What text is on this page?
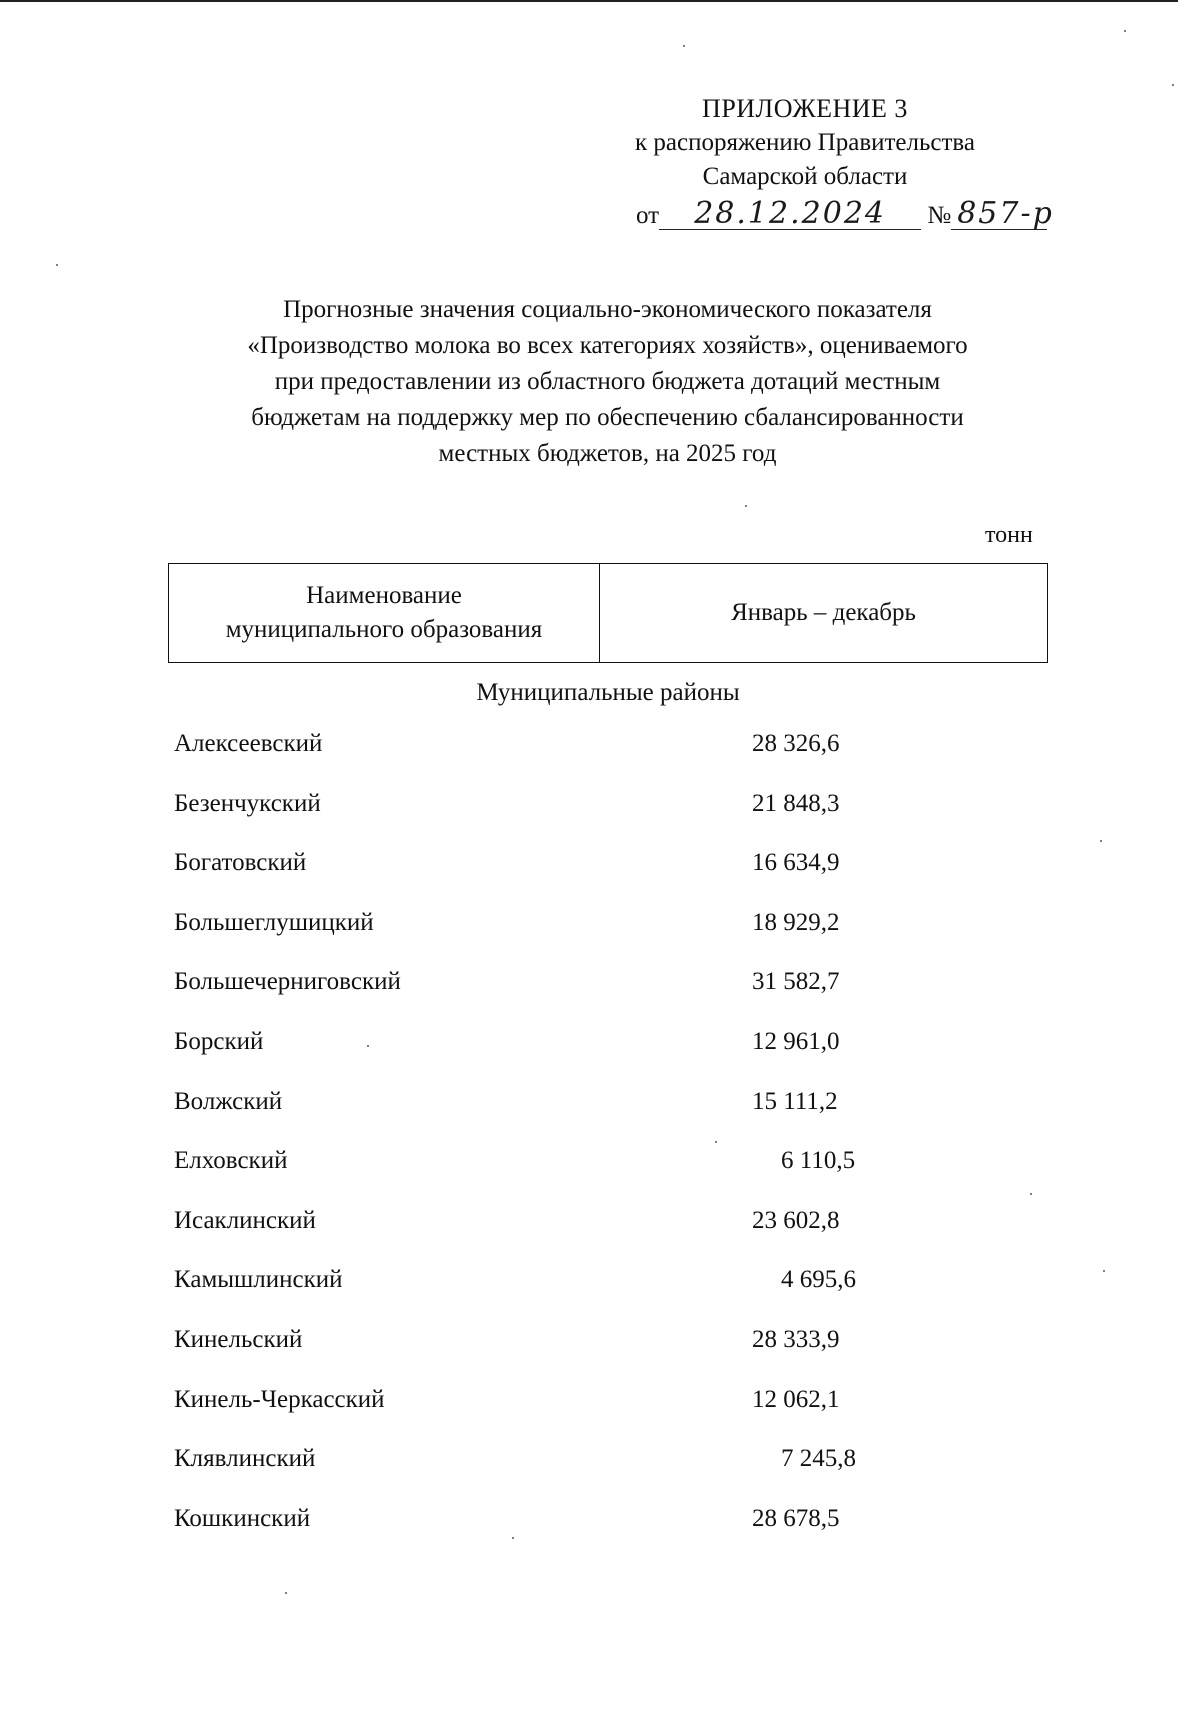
ПРИЛОЖЕНИЕ 3
к распоряжению Правительства
Самарской области
от 28.12.2024 № 857-р
Прогнозные значения социально-экономического показателя
«Производство молока во всех категориях хозяйств», оцениваемого
при предоставлении из областного бюджета дотаций местным
бюджетам на поддержку мер по обеспечению сбалансированности
местных бюджетов, на 2025 год
тонн
Наименование
муниципального образования
	Январь – декабрь
Муниципальные районы
Алексеевский	28 326,6
Безенчукский	21 848,3
Богатовский	16 634,9
Большеглушицкий	18 929,2
Большечерниговский	31 582,7
Борский	12 961,0
Волжский	15 111,2
Елховский	6 110,5
Исаклинский	23 602,8
Камышлинский	4 695,6
Кинельский	28 333,9
Кинель-Черкасский	12 062,1
Клявлинский	7 245,8
Кошкинский	28 678,5
